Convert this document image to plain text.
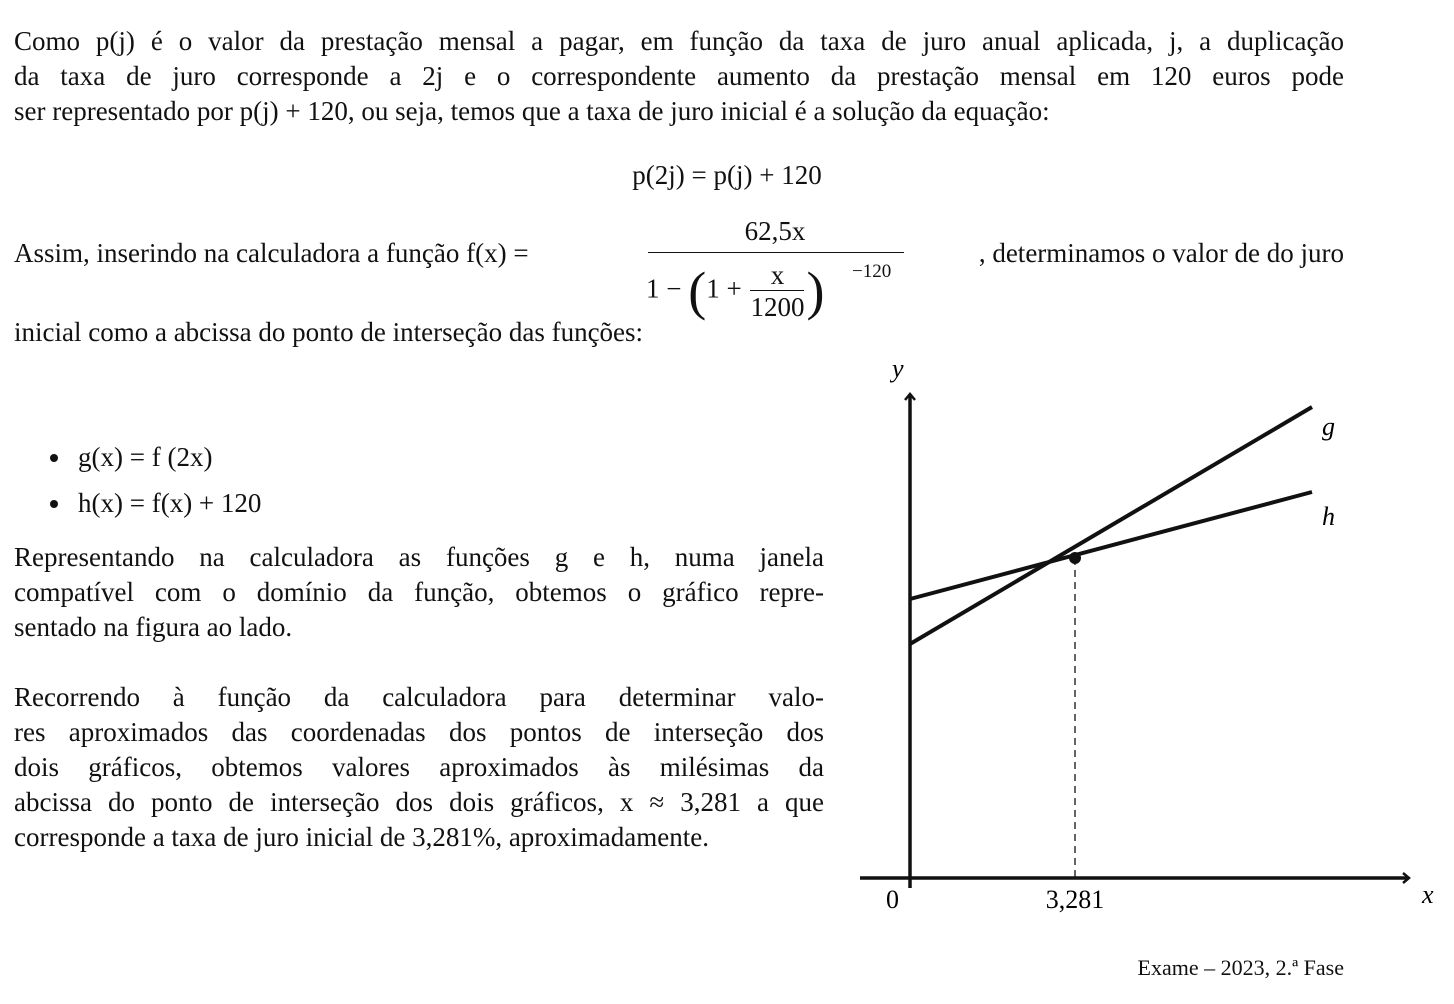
Como p(j) é o valor da prestação mensal a pagar, em função da taxa de juro anual aplicada, j, a duplicação
da taxa de juro corresponde a 2j e o correspondente aumento da prestação mensal em 120 euros pode
ser representado por p(j) + 120, ou seja, temos que a taxa de juro inicial é a solução da equação:
p(2j) = p(j) + 120
Assim, inserindo na calculadora a função f(x) =	, determinamos o valor de do juro
62,5x
$1 - (1 + \frac{x}{1200}$ ) −120
inicial como a abcissa do ponto de interseção das funções:
g(x) = f (2x)
h(x) = f(x) + 120
Representando na calculadora as funções g e h, numa janela
compatível com o domínio da função, obtemos o gráfico repre-
sentado na figura ao lado.
Recorrendo à função da calculadora para determinar valo-
res aproximados das coordenadas dos pontos de interseção dos
dois gráficos, obtemos valores aproximados às milésimas da
abcissa do ponto de interseção dos dois gráficos, x ≈ 3,281 a que
corresponde a taxa de juro inicial de 3,281%, aproximadamente.
y
x
0	3,281
g
h
Exame – 2023, 2.ª Fase
